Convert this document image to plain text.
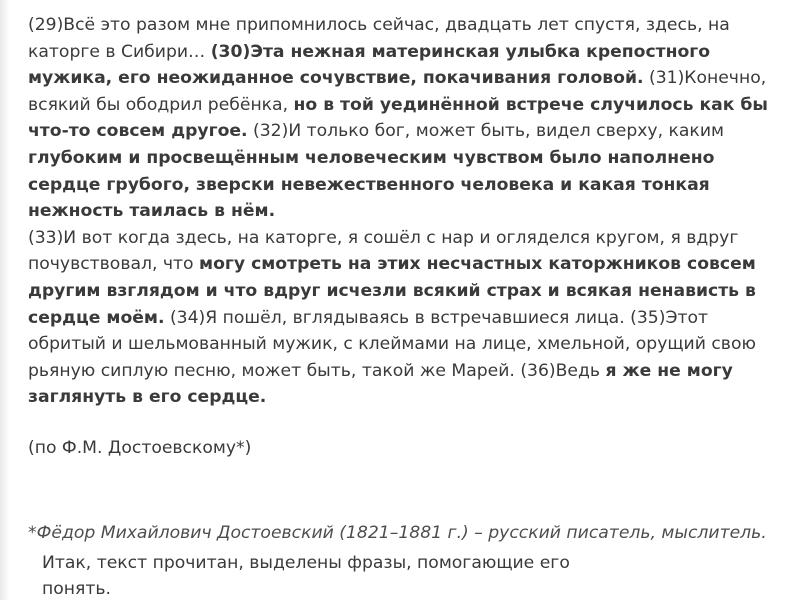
(29)Всё это разом мне припомнилось сейчас, двадцать лет спустя, здесь, на каторге в Сибири… (30)Эта нежная материнская улыбка крепостного мужика, его неожиданное сочувствие, покачивания головой. (31)Конечно, всякий бы ободрил ребёнка, но в той уединённой встрече случилось как бы что-то совсем другое. (32)И только бог, может быть, видел сверху, каким глубоким и просвещённым человеческим чувством было наполнено сердце грубого, зверски невежественного человека и какая тонкая нежность таилась в нём.

(33)И вот когда здесь, на каторге, я сошёл с нар и огляделся кругом, я вдруг почувствовал, что могу смотреть на этих несчастных каторжников совсем другим взглядом и что вдруг исчезли всякий страх и всякая ненависть в сердце моём. (34)Я пошёл, вглядываясь в встречавшиеся лица. (35)Этот обритый и шельмованный мужик, с клеймами на лице, хмельной, орущий свою рьяную сиплую песню, может быть, такой же Марей. (36)Ведь я же не могу заглянуть в его сердце.

(по Ф.М. Достоевскому*)

*Фёдор Михайлович Достоевский (1821–1881 г.) – русский писатель, мыслитель.
Итак, текст прочитан, выделены фразы, помогающие его понять.
